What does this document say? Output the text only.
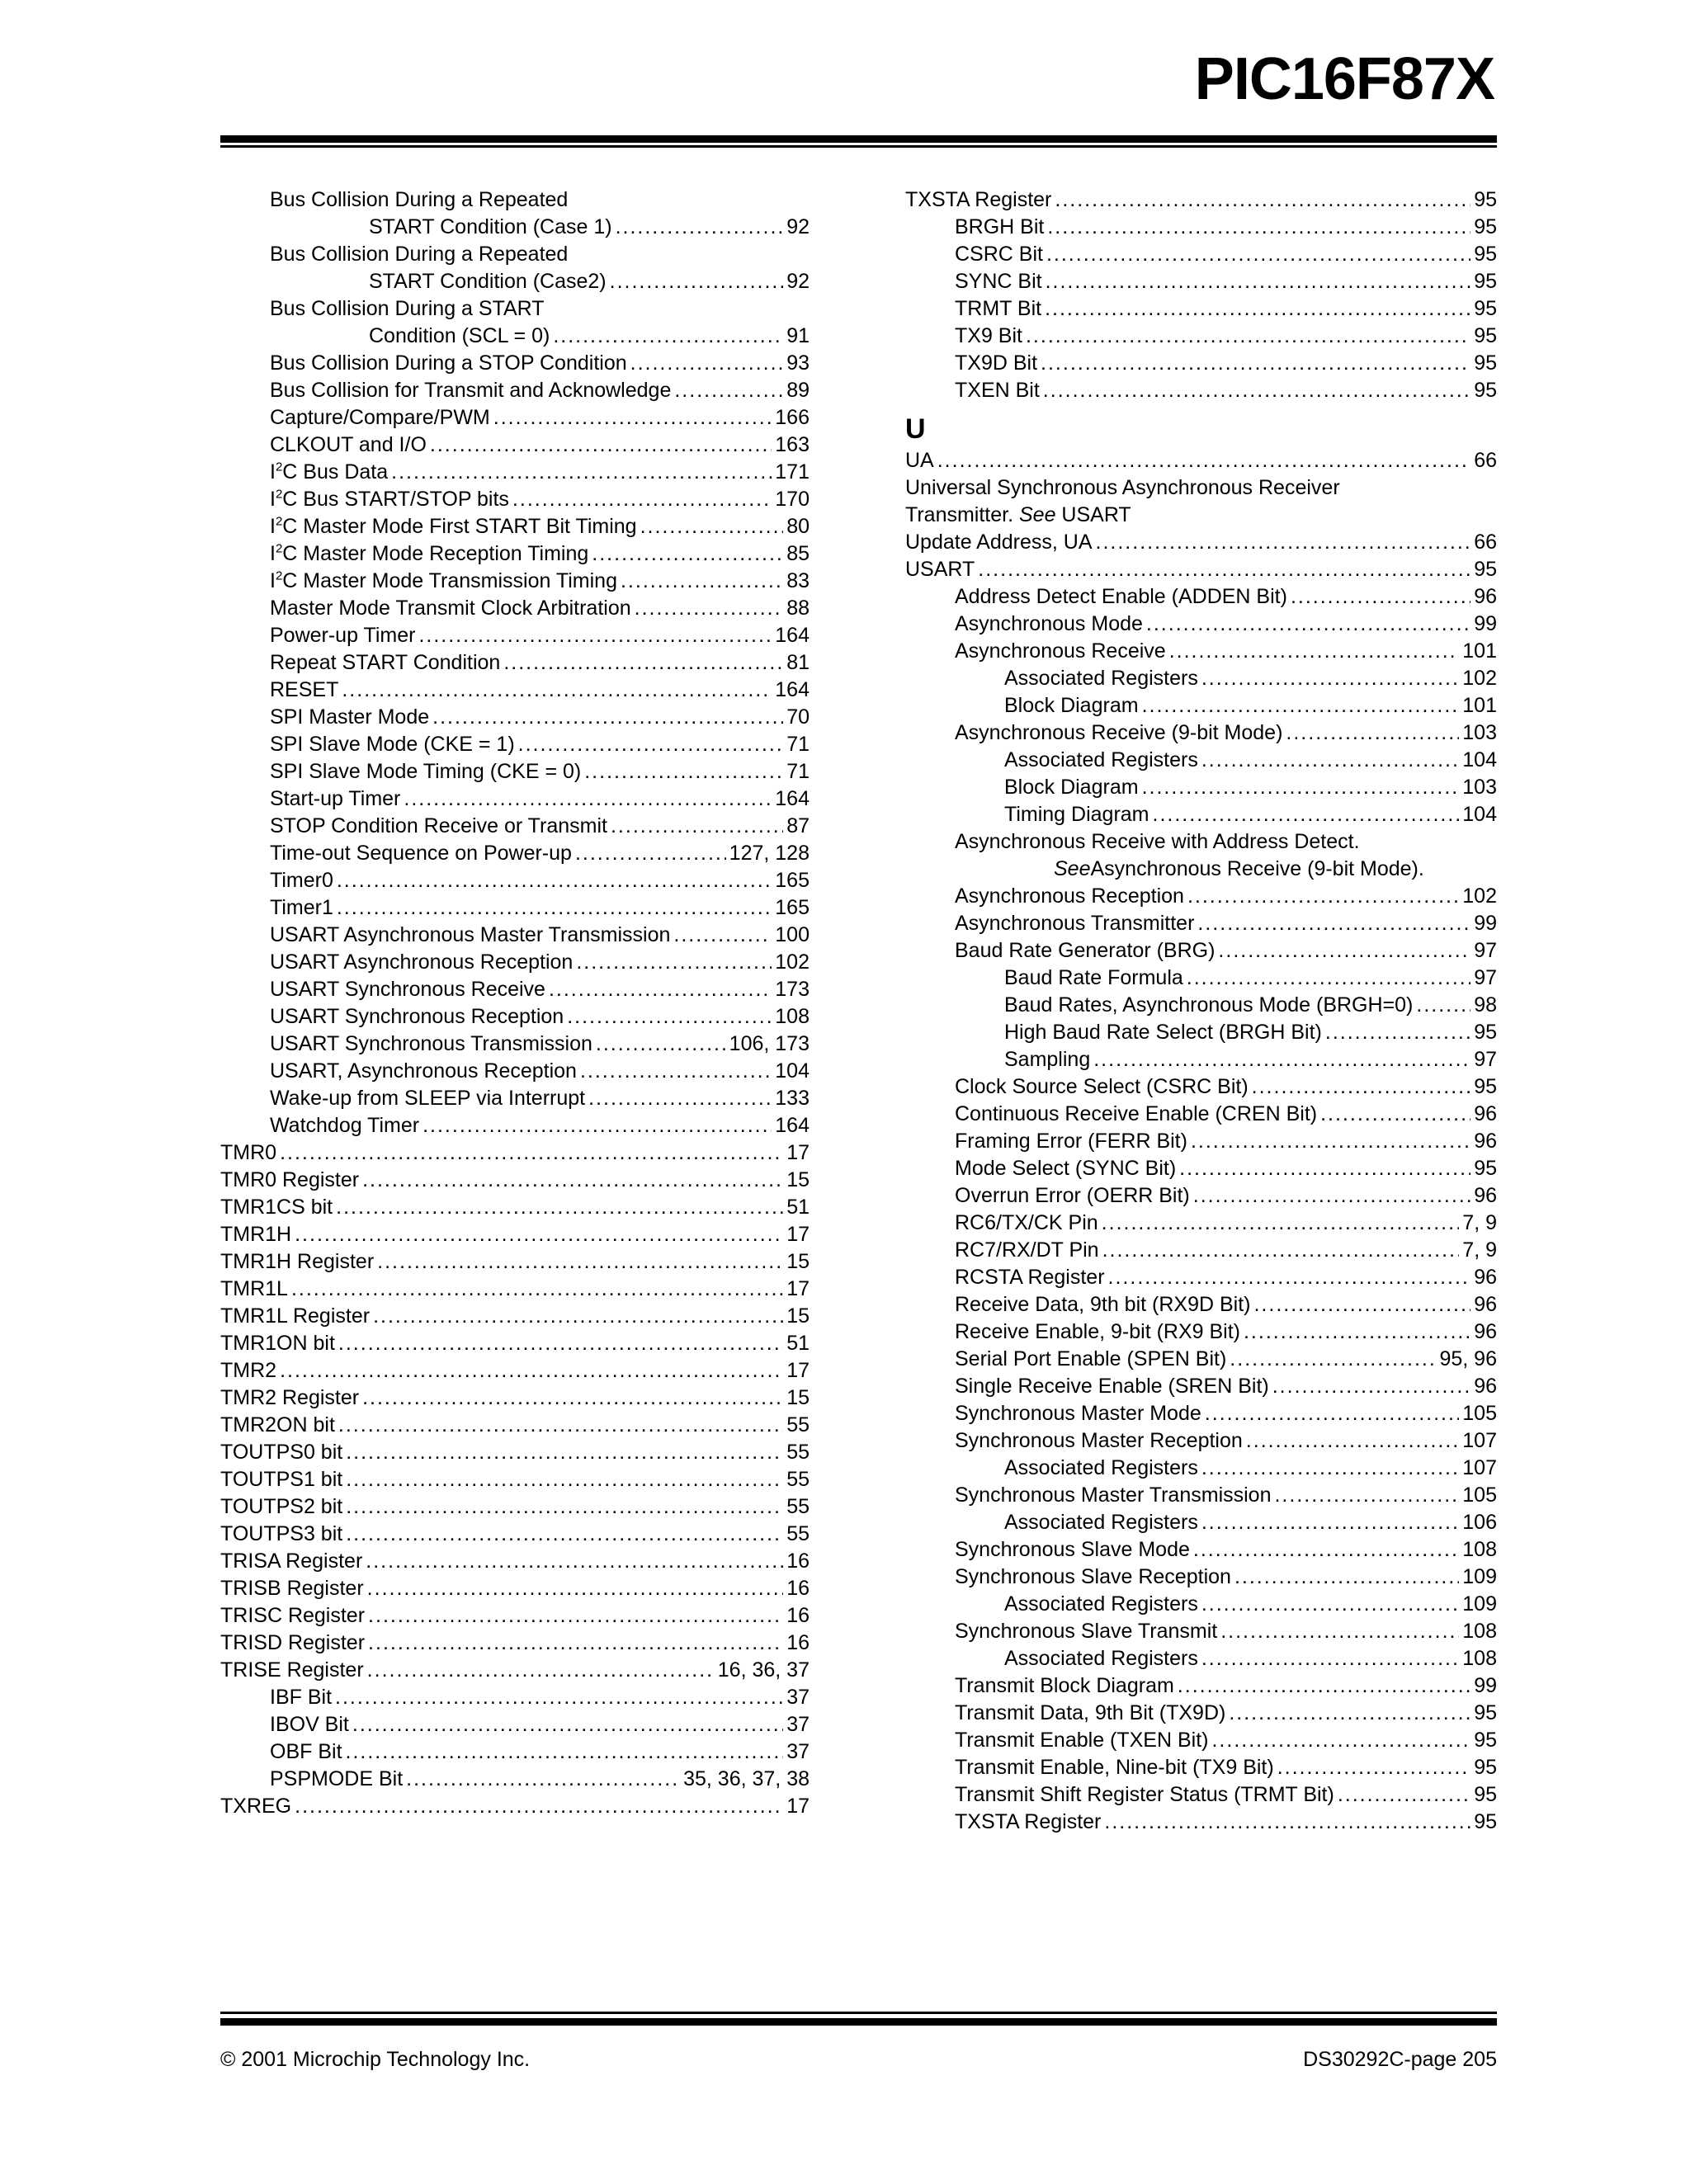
PIC16F87X
Bus Collision During a Repeated
START Condition (Case 1) .....	92
Bus Collision During a Repeated
START Condition (Case2) .....	92
Bus Collision During a START
Condition (SCL = 0) .....	91
Bus Collision During a STOP Condition .....	93
Bus Collision for Transmit and Acknowledge .....	89
Capture/Compare/PWM .....	166
CLKOUT and I/O .....	163
$I^2C$ Bus Data .....	171
$I^2C$ Bus START/STOP bits .....	170
$I^2C$ Master Mode First START Bit Timing .....	80
$I^2C$ Master Mode Reception Timing .....	85
$I^2C$ Master Mode Transmission Timing .....	83
Master Mode Transmit Clock Arbitration .....	88
Power-up Timer .....	164
Repeat START Condition .....	81
RESET .....	164
SPI Master Mode .....	70
SPI Slave Mode (CKE = 1) .....	71
SPI Slave Mode Timing (CKE = 0) .....	71
Start-up Timer .....	164
STOP Condition Receive or Transmit .....	87
Time-out Sequence on Power-up .....	127, 128
Timer0 .....	165
Timer1 .....	165
USART Asynchronous Master Transmission .....	100
USART Asynchronous Reception .....	102
USART Synchronous Receive .....	173
USART Synchronous Reception .....	108
USART Synchronous Transmission .....	106, 173
USART, Asynchronous Reception .....	104
Wake-up from SLEEP via Interrupt .....	133
Watchdog Timer .....	164
TMR0 .....	17
TMR0 Register .....	15
TMR1CS bit .....	51
TMR1H .....	17
TMR1H Register .....	15
TMR1L .....	17
TMR1L Register .....	15
TMR1ON bit .....	51
TMR2 .....	17
TMR2 Register .....	15
TMR2ON bit .....	55
TOUTPS0 bit .....	55
TOUTPS1 bit .....	55
TOUTPS2 bit .....	55
TOUTPS3 bit .....	55
TRISA Register .....	16
TRISB Register .....	16
TRISC Register .....	16
TRISD Register .....	16
TRISE Register .....	16, 36, 37
IBF Bit .....	37
IBOV Bit .....	37
OBF Bit .....	37
PSPMODE Bit .....	35, 36, 37, 38
TXREG .....	17
TXSTA Register .....	95
BRGH Bit .....	95
CSRC Bit .....	95
SYNC Bit .....	95
TRMT Bit .....	95
TX9 Bit .....	95
TX9D Bit .....	95
TXEN Bit .....	95
U
UA .....	66
Universal Synchronous Asynchronous Receiver
Transmitter. See USART
Update Address, UA .....	66
USART .....	95
Address Detect Enable (ADDEN Bit) .....	96
Asynchronous Mode .....	99
Asynchronous Receive .....	101
Associated Registers .....	102
Block Diagram .....	101
Asynchronous Receive (9-bit Mode) .....	103
Associated Registers .....	104
Block Diagram .....	103
Timing Diagram .....	104
Asynchronous Receive with Address Detect.
SeeAsynchronous Receive (9-bit Mode).
Asynchronous Reception .....	102
Asynchronous Transmitter .....	99
Baud Rate Generator (BRG) .....	97
Baud Rate Formula .....	97
Baud Rates, Asynchronous Mode (BRGH=0) .....	98
High Baud Rate Select (BRGH Bit) .....	95
Sampling .....	97
Clock Source Select (CSRC Bit) .....	95
Continuous Receive Enable (CREN Bit) .....	96
Framing Error (FERR Bit) .....	96
Mode Select (SYNC Bit) .....	95
Overrun Error (OERR Bit) .....	96
RC6/TX/CK Pin .....	7, 9
RC7/RX/DT Pin .....	7, 9
RCSTA Register .....	96
Receive Data, 9th bit (RX9D Bit) .....	96
Receive Enable, 9-bit (RX9 Bit) .....	96
Serial Port Enable (SPEN Bit) .....	95, 96
Single Receive Enable (SREN Bit) .....	96
Synchronous Master Mode .....	105
Synchronous Master Reception .....	107
Associated Registers .....	107
Synchronous Master Transmission .....	105
Associated Registers .....	106
Synchronous Slave Mode .....	108
Synchronous Slave Reception .....	109
Associated Registers .....	109
Synchronous Slave Transmit .....	108
Associated Registers .....	108
Transmit Block Diagram .....	99
Transmit Data, 9th Bit (TX9D) .....	95
Transmit Enable (TXEN Bit) .....	95
Transmit Enable, Nine-bit (TX9 Bit) .....	95
Transmit Shift Register Status (TRMT Bit) .....	95
TXSTA Register .....	95
© 2001 Microchip Technology Inc.	DS30292C-page 205
